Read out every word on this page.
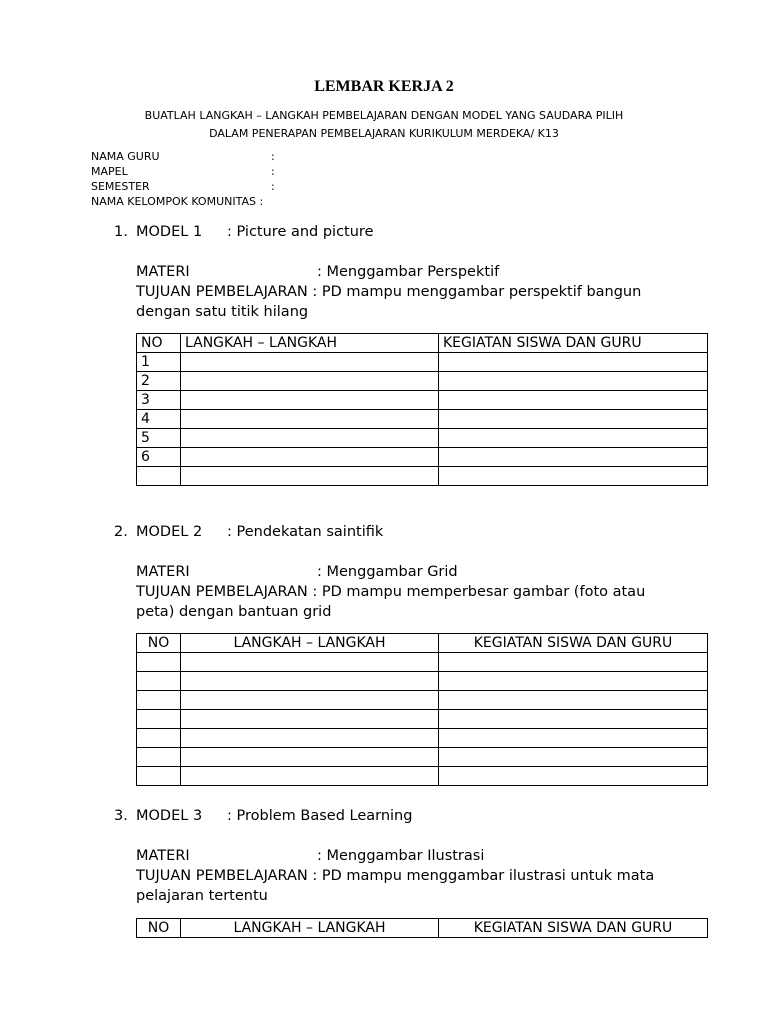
LEMBAR KERJA 2
BUATLAH LANGKAH – LANGKAH PEMBELAJARAN DENGAN MODEL YANG SAUDARA PILIH
DALAM PENERAPAN PEMBELAJARAN KURIKULUM MERDEKA/ K13
NAMA GURU	:
MAPEL	:
SEMESTER	:
NAMA KELOMPOK KOMUNITAS :
1. MODEL 1 : Picture and picture
MATERI	: Menggambar Perspektif
TUJUAN PEMBELAJARAN : PD mampu menggambar perspektif bangun
dengan satu titik hilang
NO	LANGKAH – LANGKAH	KEGIATAN SISWA DAN GURU
1		
2		
3		
4		
5		
6		

2. MODEL 2 : Pendekatan saintifik
MATERI	: Menggambar Grid
TUJUAN PEMBELAJARAN : PD mampu memperbesar gambar (foto atau
peta) dengan bantuan grid
NO	LANGKAH – LANGKAH	KEGIATAN SISWA DAN GURU

3. MODEL 3 : Problem Based Learning
MATERI	: Menggambar Ilustrasi
TUJUAN PEMBELAJARAN : PD mampu menggambar ilustrasi untuk mata
pelajaran tertentu
NO	LANGKAH – LANGKAH	KEGIATAN SISWA DAN GURU
